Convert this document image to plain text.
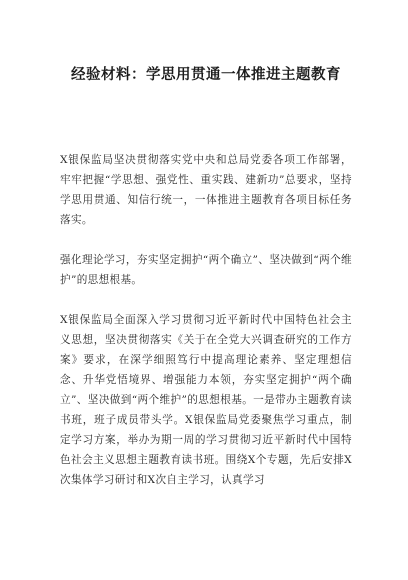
经验材料：学思用贯通一体推进主题教育

X银保监局坚决贯彻落实党中央和总局党委各项工作部署，牢牢把握“学思想、强党性、重实践、建新功”总要求，坚持学思用贯通、知信行统一，一体推进主题教育各项目标任务落实。

强化理论学习，夯实坚定拥护“两个确立”、坚决做到“两个维护”的思想根基。

X银保监局全面深入学习贯彻习近平新时代中国特色社会主义思想，坚决贯彻落实《关于在全党大兴调查研究的工作方案》要求，在深学细照笃行中提高理论素养、坚定理想信念、升华党悟境界、增强能力本领，夯实坚定拥护“两个确立”、坚决做到“两个维护”的思想根基。一是带办主题教育读书班，班子成员带头学。X银保监局党委聚焦学习重点，制定学习方案，举办为期一周的学习贯彻习近平新时代中国特色社会主义思想主题教育读书班。围绕X个专题，先后安排X次集体学习研讨和X次自主学习，认真学习
